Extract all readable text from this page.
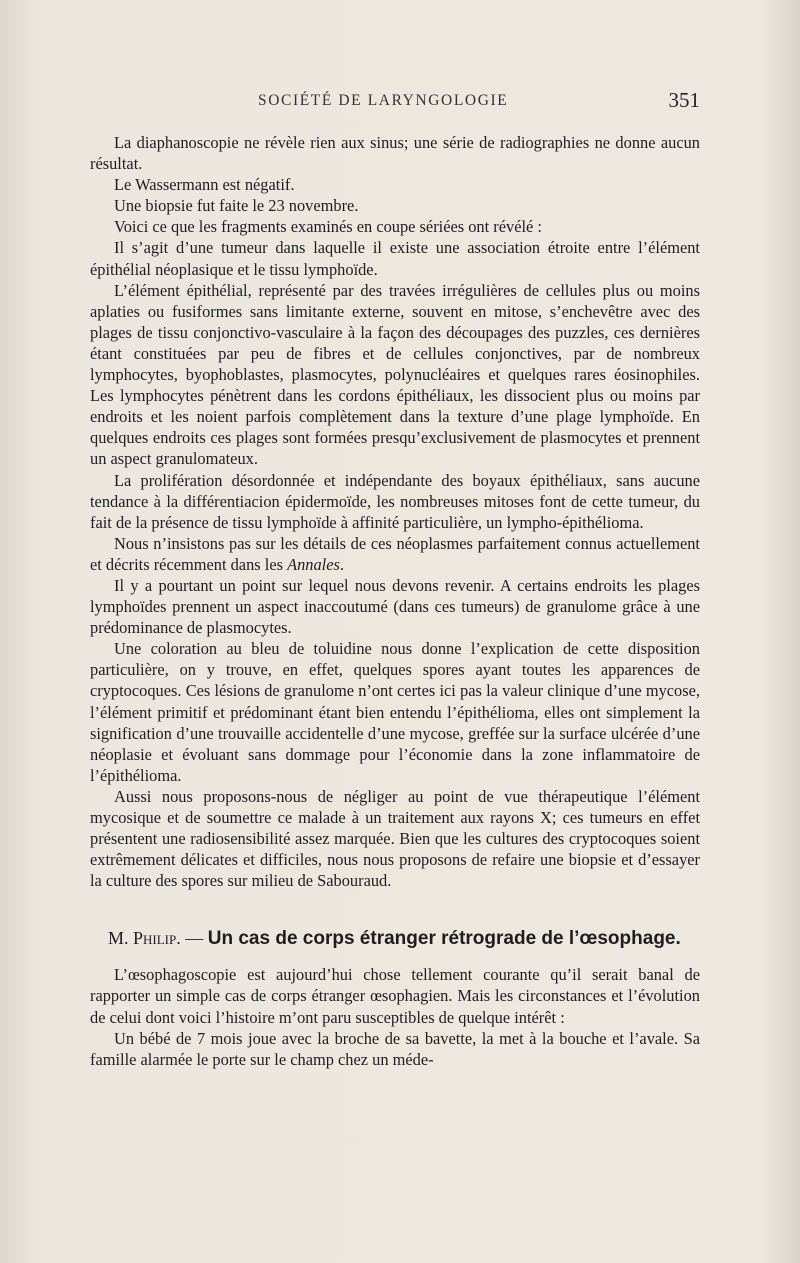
SOCIÉTÉ DE LARYNGOLOGIE	351

La diaphanoscopie ne révèle rien aux sinus; une série de radiographies ne donne aucun résultat.

Le Wassermann est négatif.

Une biopsie fut faite le 23 novembre.

Voici ce que les fragments examinés en coupe sériées ont révélé :

Il s’agit d’une tumeur dans laquelle il existe une association étroite entre l’élément épithélial néoplasique et le tissu lymphoïde.

L’élément épithélial, représenté par des travées irrégulières de cellules plus ou moins aplaties ou fusiformes sans limitante externe, souvent en mitose, s’enchevêtre avec des plages de tissu conjonctivo-vasculaire à la façon des découpages des puzzles, ces dernières étant constituées par peu de fibres et de cellules conjonctives, par de nombreux lymphocytes, byophoblastes, plasmocytes, polynucléaires et quelques rares éosinophiles. Les lymphocytes pénètrent dans les cordons épithéliaux, les dissocient plus ou moins par endroits et les noient parfois complètement dans la texture d’une plage lymphoïde. En quelques endroits ces plages sont formées presqu’exclusivement de plasmocytes et prennent un aspect granulomateux.

La prolifération désordonnée et indépendante des boyaux épithéliaux, sans aucune tendance à la différentiacion épidermoïde, les nombreuses mitoses font de cette tumeur, du fait de la présence de tissu lymphoïde à affinité particulière, un lympho-épithélioma.

Nous n’insistons pas sur les détails de ces néoplasmes parfaitement connus actuellement et décrits récemment dans les Annales.

Il y a pourtant un point sur lequel nous devons revenir. A certains endroits les plages lymphoïdes prennent un aspect inaccoutumé (dans ces tumeurs) de granulome grâce à une prédominance de plasmocytes.

Une coloration au bleu de toluidine nous donne l’explication de cette disposition particulière, on y trouve, en effet, quelques spores ayant toutes les apparences de cryptocoques. Ces lésions de granulome n’ont certes ici pas la valeur clinique d’une mycose, l’élément primitif et prédominant étant bien entendu l’épithélioma, elles ont simplement la signification d’une trouvaille accidentelle d’une mycose, greffée sur la surface ulcérée d’une néoplasie et évoluant sans dommage pour l’économie dans la zone inflammatoire de l’épithélioma.

Aussi nous proposons-nous de négliger au point de vue thérapeutique l’élément mycosique et de soumettre ce malade à un traitement aux rayons X; ces tumeurs en effet présentent une radiosensibilité assez marquée. Bien que les cultures des cryptocoques soient extrêmement délicates et difficiles, nous nous proposons de refaire une biopsie et d’essayer la culture des spores sur milieu de Sabouraud.

M. Philip. — Un cas de corps étranger rétrograde de l’œsophage.

L’œsophagoscopie est aujourd’hui chose tellement courante qu’il serait banal de rapporter un simple cas de corps étranger œsophagien. Mais les circonstances et l’évolution de celui dont voici l’histoire m’ont paru susceptibles de quelque intérêt :

Un bébé de 7 mois joue avec la broche de sa bavette, la met à la bouche et l’avale. Sa famille alarmée le porte sur le champ chez un méde-
